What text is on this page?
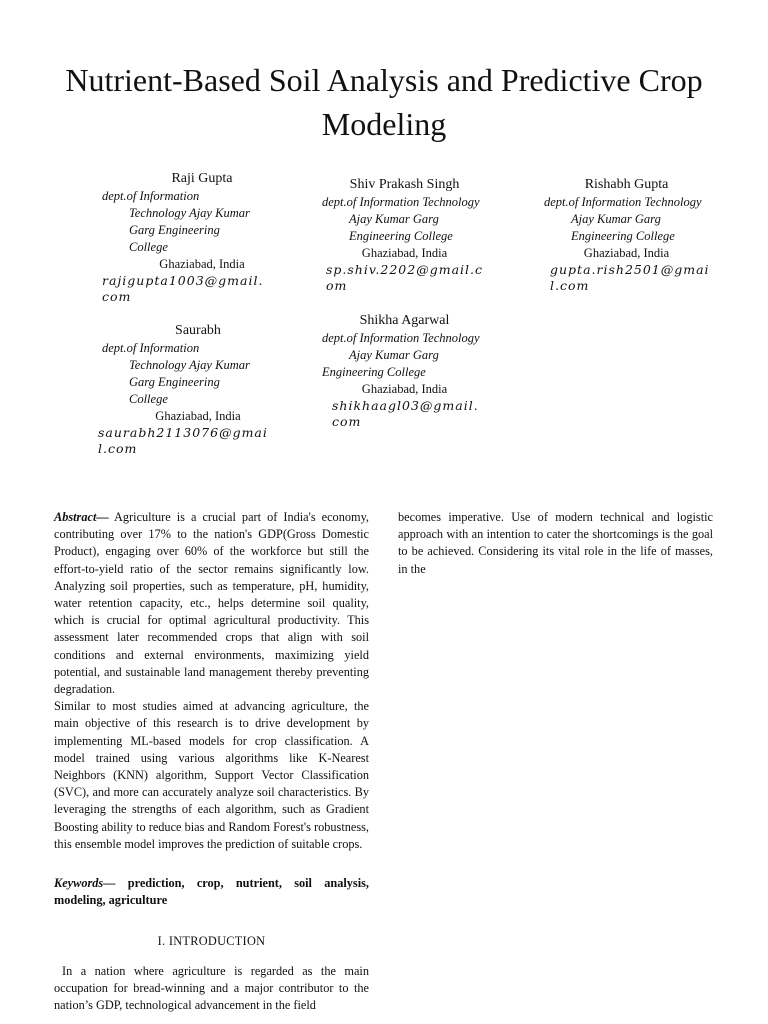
Nutrient-Based Soil Analysis and Predictive Crop Modeling
Raji Gupta
dept.of Information
Technology Ajay Kumar
Garg Engineering
College
Ghaziabad, India
rajigupta1003@gmail.com
Shiv Prakash Singh
dept.of Information Technology
Ajay Kumar Garg
Engineering College
Ghaziabad, India
sp.shiv.2202@gmail.com
Rishabh Gupta
dept.of Information Technology
Ajay Kumar Garg
Engineering College
Ghaziabad, India
gupta.rish2501@gmail.com
Saurabh
dept.of Information
Technology Ajay Kumar
Garg Engineering
College
Ghaziabad, India
saurabh2113076@gmail.com
Shikha Agarwal
dept.of Information Technology
Ajay Kumar Garg
Engineering College
Ghaziabad, India
shikhaagl03@gmail.com

Abstract— Agriculture is a crucial part of India's economy, contributing over 17% to the nation's GDP(Gross Domestic Product), engaging over 60% of the workforce but still the effort-to-yield ratio of the sector remains significantly low. Analyzing soil properties, such as temperature, pH, humidity, water retention capacity, etc., helps determine soil quality, which is crucial for optimal agricultural productivity. This assessment later recommended crops that align with soil conditions and external environments, maximizing yield potential, and sustainable land management thereby preventing degradation.

Similar to most studies aimed at advancing agriculture, the main objective of this research is to drive development by implementing ML-based models for crop classification. A model trained using various algorithms like K-Nearest Neighbors (KNN) algorithm, Support Vector Classification (SVC), and more can accurately analyze soil characteristics. By leveraging the strengths of each algorithm, such as Gradient Boosting ability to reduce bias and Random Forest's robustness, this ensemble model improves the prediction of suitable crops.

Keywords— prediction, crop, nutrient, soil analysis, modeling, agriculture

I. INTRODUCTION

In a nation where agriculture is regarded as the main occupation for bread-winning and a major contributor to the nation’s GDP, technological advancement in the field

becomes imperative. Use of modern technical and logistic approach with an intention to cater the shortcomings is the goal to be achieved. Considering its vital role in the life of masses, in the
